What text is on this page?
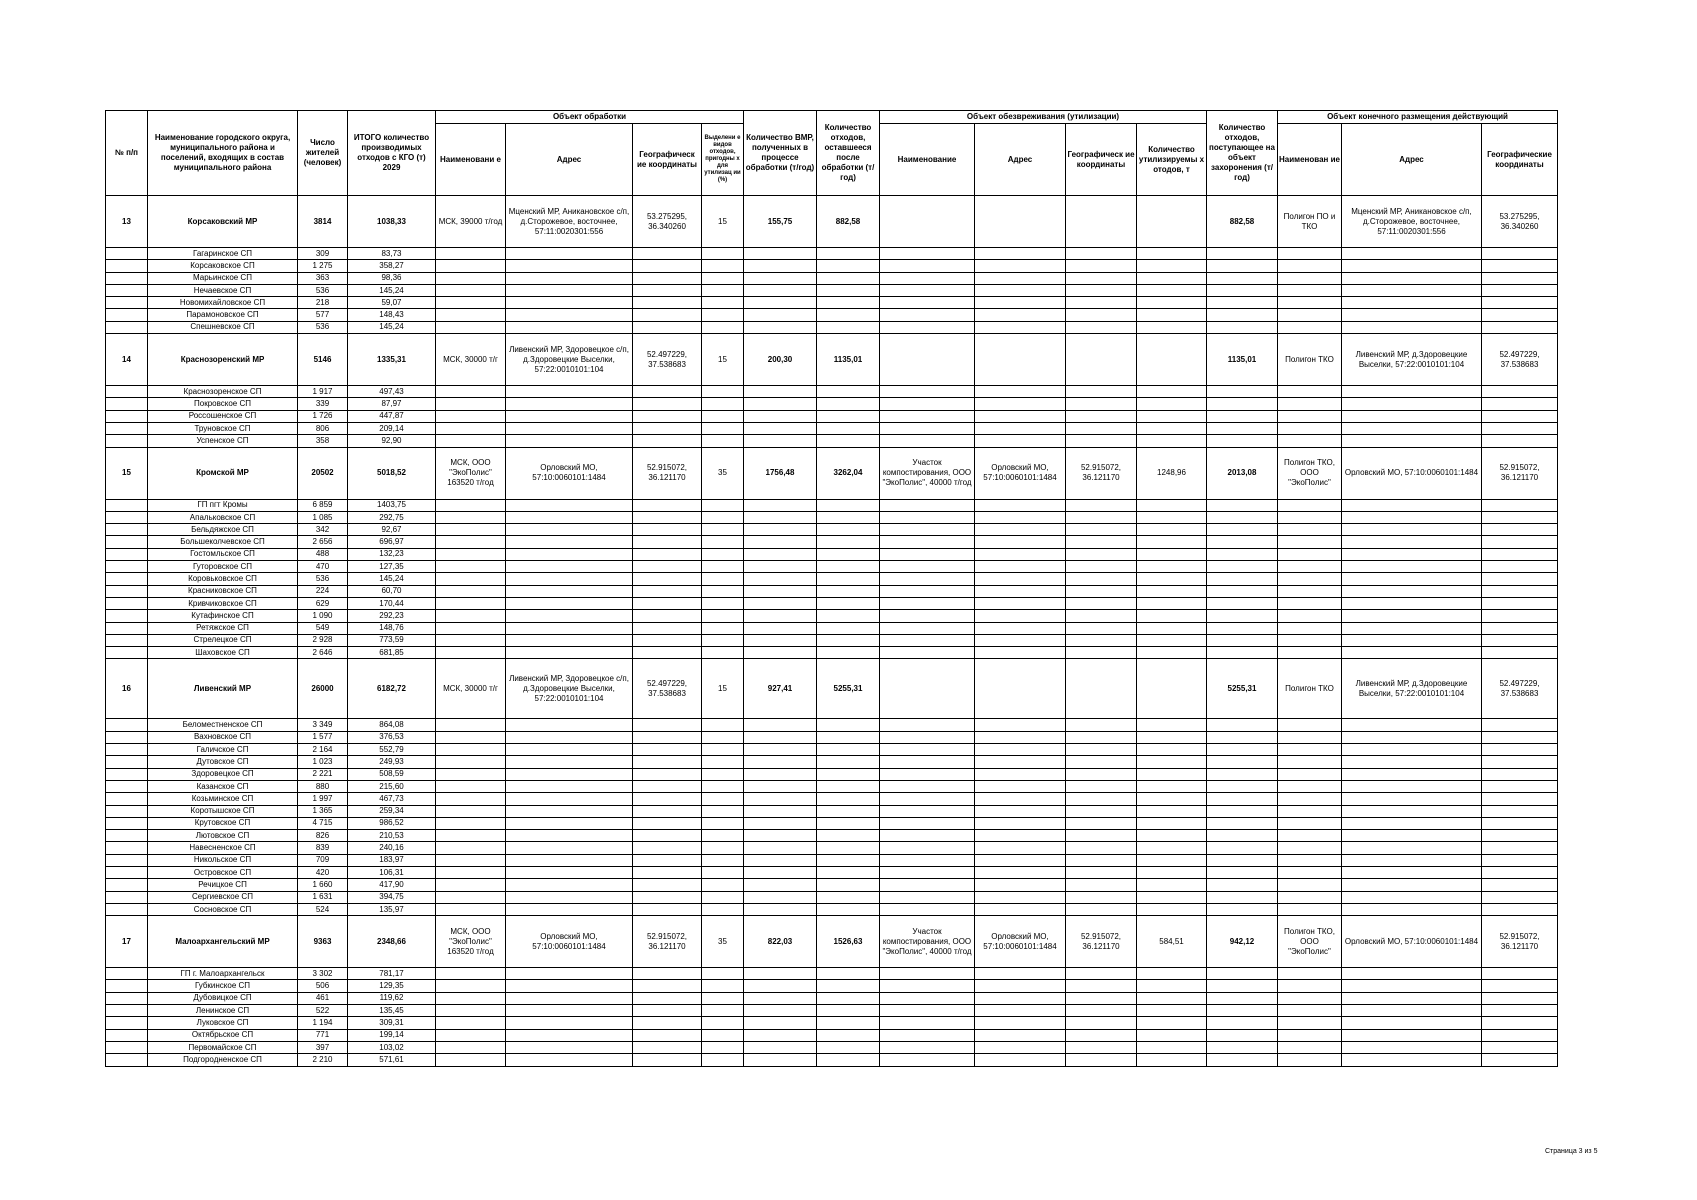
№ п/п	Наименование городского округа, муниципального района и поселений, входящих в состав муниципального района	Число жителей (человек)	ИТОГО количество производимых отходов с КГО (т) 2029	Объект обработки				Количество ВМР, полученных в процессе обработки (т/год)	Количество отходов, оставшееся после обработки (т/год)	Объект обезвреживания (утилизации)				Количество отходов, поступающее на объект захоронения (т/год)	Объект конечного размещения действующий		
				Наименовани е	Адрес	Географическ ие координаты	Выделени е видов отходов, пригодны х для утилизац ии (%)			Наименование	Адрес	Географическ ие координаты	Количество утилизируемы х отодов, т		Наименован ие	Адрес	Географические координаты
13	Корсаковский МР	3814	1038,33	МСК, 39000 т/год	Мценский МР, Аникановское с/п, д.Сторожевое, восточнее, 57:11:0020301:556	53.275295, 36.340260	15	155,75	882,58					882,58	Полигон ПО и ТКО	Мценский МР, Аникановское с/п, д.Сторожевое, восточнее, 57:11:0020301:556	53.275295, 36.340260
	Гагаринское СП	309	83,73														
	Корсаковское СП	1 275	358,27														
	Марьинское СП	363	98,36														
	Нечаевское СП	536	145,24														
	Новомихайловское СП	218	59,07														
	Парамоновское СП	577	148,43														
	Спешневское СП	536	145,24														
14	Краснозоренский МР	5146	1335,31	МСК, 30000 т/г	Ливенский МР, Здоровецкое с/п, д.Здоровецкие Выселки, 57:22:0010101:104	52.497229, 37.538683	15	200,30	1135,01					1135,01	Полигон ТКО	Ливенский МР, д.Здоровецкие Выселки, 57:22:0010101:104	52.497229, 37.538683
	Краснозоренское СП	1 917	497,43														
	Покровское СП	339	87,97														
	Россошенское СП	1 726	447,87														
	Труновское СП	806	209,14														
	Успенское СП	358	92,90														
15	Кромской МР	20502	5018,52	МСК, ООО "ЭкоПолис" 163520 т/год	Орловский МО, 57:10:0060101:1484	52.915072, 36.121170	35	1756,48	3262,04	Участок компостирования, ООО "ЭкоПолис", 40000 т/год	Орловский МО, 57:10:0060101:1484	52.915072, 36.121170	1248,96	2013,08	Полигон ТКО, ООО "ЭкоПолис"	Орловский МО, 57:10:0060101:1484	52.915072, 36.121170
	ГП пгт Кромы	6 859	1403,75														
	Апальковское СП	1 085	292,75														
	Бельдяжское СП	342	92,67														
	Большеколчевское СП	2 656	696,97														
	Гостомльское СП	488	132,23														
	Гуторовское СП	470	127,35														
	Коровьковское СП	536	145,24														
	Красниковское СП	224	60,70														
	Кривчиковское СП	629	170,44														
	Кутафинское СП	1 090	292,23														
	Ретяжское СП	549	148,76														
	Стрелецкое СП	2 928	773,59														
	Шаховское СП	2 646	681,85														
16	Ливенский МР	26000	6182,72	МСК, 30000 т/г	Ливенский МР, Здоровецкое с/п, д.Здоровецкие Выселки, 57:22:0010101:104	52.497229, 37.538683	15	927,41	5255,31					5255,31	Полигон ТКО	Ливенский МР, д.Здоровецкие Выселки, 57:22:0010101:104	52.497229, 37.538683
	Беломестненское СП	3 349	864,08														
	Вахновское СП	1 577	376,53														
	Галичское СП	2 164	552,79														
	Дутовское СП	1 023	249,93														
	Здоровецкое СП	2 221	508,59														
	Казанское СП	880	215,60														
	Козьминское СП	1 997	467,73														
	Коротышское СП	1 365	259,34														
	Крутовское СП	4 715	986,52														
	Лютовское СП	826	210,53														
	Навесненское СП	839	240,16														
	Никольское СП	709	183,97														
	Островское СП	420	106,31														
	Речицкое СП	1 660	417,90														
	Сергиевское СП	1 631	394,75														
	Сосновское СП	524	135,97														
17	Малоархангельский МР	9363	2348,66	МСК, ООО "ЭкоПолис" 163520 т/год	Орловский МО, 57:10:0060101:1484	52.915072, 36.121170	35	822,03	1526,63	Участок компостирования, ООО "ЭкоПолис", 40000 т/год	Орловский МО, 57:10:0060101:1484	52.915072, 36.121170	584,51	942,12	Полигон ТКО, ООО "ЭкоПолис"	Орловский МО, 57:10:0060101:1484	52.915072, 36.121170
	ГП г. Малоархангельск	3 302	781,17														
	Губкинское СП	506	129,35														
	Дубовицкое СП	461	119,62														
	Ленинское СП	522	135,45														
	Луковское СП	1 194	309,31														
	Октябрьское СП	771	199,14														
	Первомайское СП	397	103,02														
	Подгородненское СП	2 210	571,61														
Страница 3 из 5
